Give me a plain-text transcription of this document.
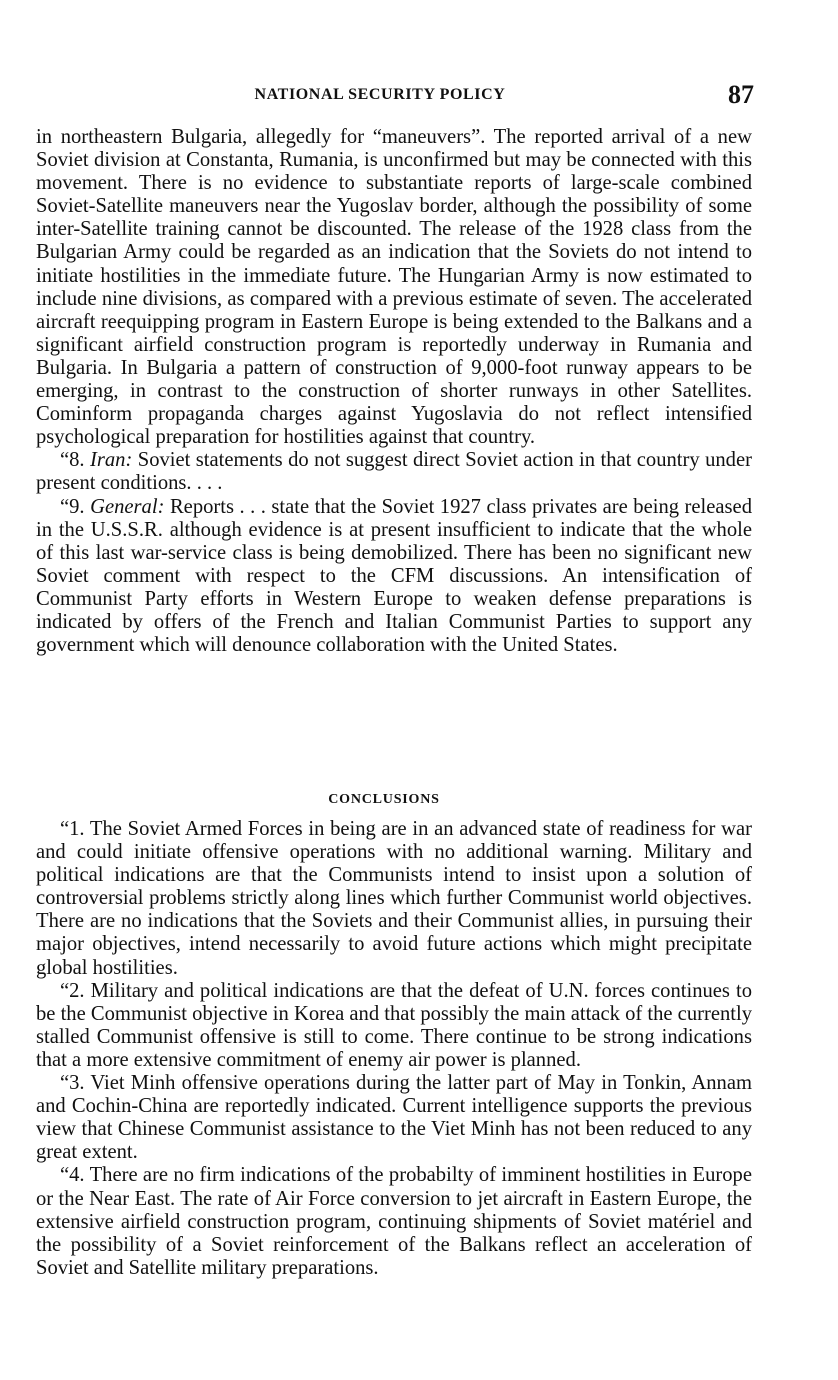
NATIONAL SECURITY POLICY	87

in northeastern Bulgaria, allegedly for “maneuvers”. The reported arrival of a new Soviet division at Constanta, Rumania, is unconfirmed but may be connected with this movement. There is no evidence to substantiate reports of large-scale combined Soviet-Satellite maneuvers near the Yugoslav border, although the possibility of some inter-Satellite training cannot be discounted. The release of the 1928 class from the Bulgarian Army could be regarded as an indication that the Soviets do not intend to initiate hostilities in the immediate future. The Hungarian Army is now estimated to include nine divisions, as compared with a previous estimate of seven. The accelerated aircraft reequipping program in Eastern Europe is being extended to the Balkans and a significant airfield construction program is reportedly underway in Rumania and Bulgaria. In Bulgaria a pattern of construction of 9,000-foot runway appears to be emerging, in contrast to the construction of shorter runways in other Satellites. Cominform propaganda charges against Yugoslavia do not reflect intensified psychological preparation for hostilities against that country.

“8. Iran: Soviet statements do not suggest direct Soviet action in that country under present conditions. . . .

“9. General: Reports . . . state that the Soviet 1927 class privates are being released in the U.S.S.R. although evidence is at present insufficient to indicate that the whole of this last war-service class is being demobilized. There has been no significant new Soviet comment with respect to the CFM discussions. An intensification of Communist Party efforts in Western Europe to weaken defense preparations is indicated by offers of the French and Italian Communist Parties to support any government which will denounce collaboration with the United States.

CONCLUSIONS

“1. The Soviet Armed Forces in being are in an advanced state of readiness for war and could initiate offensive operations with no additional warning. Military and political indications are that the Communists intend to insist upon a solution of controversial problems strictly along lines which further Communist world objectives. There are no indications that the Soviets and their Communist allies, in pursuing their major objectives, intend necessarily to avoid future actions which might precipitate global hostilities.

“2. Military and political indications are that the defeat of U.N. forces continues to be the Communist objective in Korea and that possibly the main attack of the currently stalled Communist offensive is still to come. There continue to be strong indications that a more extensive commitment of enemy air power is planned.

“3. Viet Minh offensive operations during the latter part of May in Tonkin, Annam and Cochin-China are reportedly indicated. Current intelligence supports the previous view that Chinese Communist assistance to the Viet Minh has not been reduced to any great extent.

“4. There are no firm indications of the probabilty of imminent hostilities in Europe or the Near East. The rate of Air Force conversion to jet aircraft in Eastern Europe, the extensive airfield construction program, continuing shipments of Soviet matériel and the possibility of a Soviet reinforcement of the Balkans reflect an acceleration of Soviet and Satellite military preparations.
